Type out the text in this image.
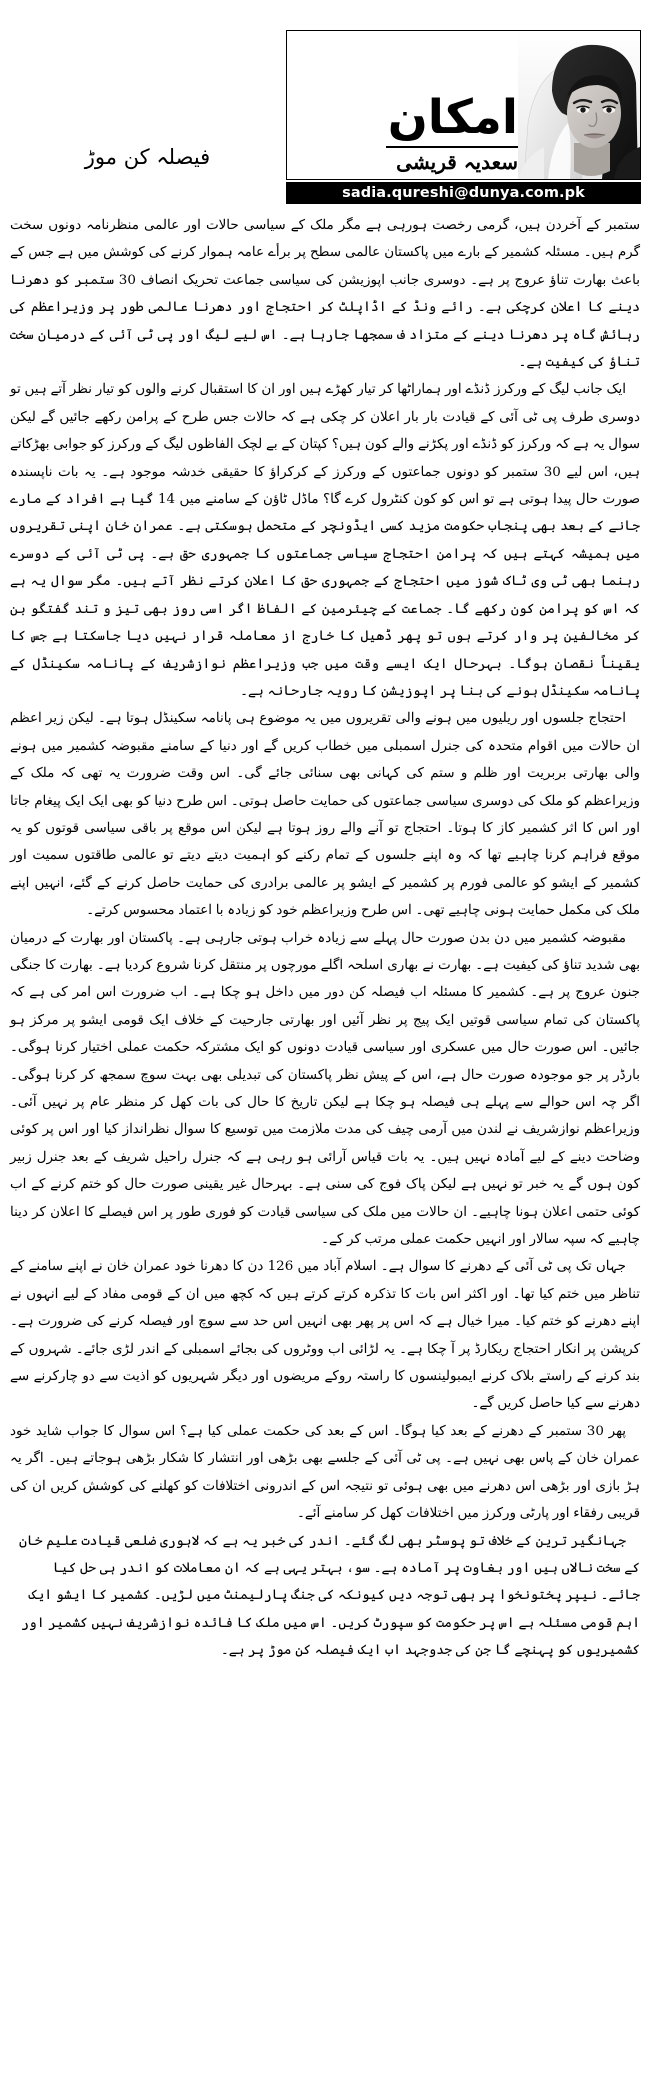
امکان
سعدیہ قریشی
sadia.qureshi@dunya.com.pk
فیصلہ کن موڑ

ستمبر کے آخردن ہیں، گرمی رخصت ہورہی ہے مگر ملک کے سیاسی حالات اور عالمی منظرنامہ دونوں سخت گرم ہیں۔ مسئلہ کشمیر کے بارے میں پاکستان عالمی سطح پر برأے عامہ ہموار کرنے کی کوشش میں ہے جس کے باعث بھارت تناؤ عروج پر ہے۔ دوسری جانب اپوزیشن کی سیاسی جماعت تحریک انصاف 30 ستمبر کو دھرنا دینے کا اعلان کرچکی ہے۔ رائے ونڈ کے اڈاپلٹ کر احتجاج اور دھرنا عالمی طور پر وزیراعظم کی رہائش گاہ پر دھرنا دینے کے متزاد ف سمجھا جارہا ہے۔ اس لیے لیگ اور پی ٹی آئی کے درمیان سخت تناؤ کی کیفیت ہے۔

ایک جانب لیگ کے ورکرز ڈنڈے اور ہماراٹھا کر تیار کھڑے ہیں اور ان کا استقبال کرنے والوں کو تیار نظر آتے ہیں تو دوسری طرف پی ٹی آئی کے قیادت بار بار اعلان کر چکی ہے کہ حالات جس طرح کے پرامن رکھے جائیں گے لیکن سوال یہ ہے کہ ورکرز کو ڈنڈے اور پکڑنے والے کون ہیں؟ کپتان کے بے لچک الفاظوں لیگ کے ورکرز کو جوابی بھڑکاتے ہیں، اس لیے 30 ستمبر کو دونوں جماعتوں کے ورکرز کے کرکراؤ کا حقیقی خدشہ موجود ہے۔ یہ بات ناپسندہ صورت حال پیدا ہوتی ہے تو اس کو کون کنٹرول کرے گا؟ ماڈل ٹاؤن کے سامنے میں 14 گیا ہے افراد کے مارے جانے کے بعد بھی پنجاب حکومت مزید کسی ایڈونچر کے متحمل ہوسکتی ہے۔ عمران خان اپنی تقریروں میں ہمیشہ کہتے ہیں کہ پرامن احتجاج سیاسی جماعتوں کا جمہوری حق ہے۔ پی ٹی آئی کے دوسرے رہنما بھی ٹی وی ٹاک شوز میں احتجاج کے جمہوری حق کا اعلان کرتے نظر آتے ہیں۔ مگر سوال یہ ہے کہ اس کو پرامن کون رکھے گا۔ جماعت کے چیئرمین کے الفاظ اگر اسی روز بھی تیز و تند گفتگو بن کر مخالفین پر وار کرتے ہوں تو پھر ڈھیل کا خارج از معاملہ قرار نہیں دیا جاسکتا ہے جس کا یقیناً نقصان ہوگا۔ بہرحال ایک ایسے وقت میں جب وزیراعظم نوازشریف کے پانامہ سکینڈل کے پانامہ سکینڈل ہونے کی بنا پر اپوزیشن کا رویہ جارحانہ ہے۔

احتجاج جلسوں اور ریلیوں میں ہونے والی تقریروں میں یہ موضوع ہی پانامہ سکینڈل ہوتا ہے۔ لیکن زیر اعظم ان حالات میں اقوام متحدہ کی جنرل اسمبلی میں خطاب کریں گے اور دنیا کے سامنے مقبوضہ کشمیر میں ہونے والی بھارتی بربریت اور ظلم و ستم کی کہانی بھی سنائی جائے گی۔ اس وقت ضرورت یہ تھی کہ ملک کے وزیراعظم کو ملک کی دوسری سیاسی جماعتوں کی حمایت حاصل ہوتی۔ اس طرح دنیا کو بھی ایک ایک پیغام جاتا اور اس کا اثر کشمیر کاز کا ہوتا۔ احتجاج تو آنے والے روز ہوتا ہے لیکن اس موقع پر باقی سیاسی قوتوں کو یہ موقع فراہم کرنا چاہیے تھا کہ وہ اپنے جلسوں کے تمام رکنے کو اہمیت دیتے دیتے تو عالمی طاقتوں سمیت اور کشمیر کے ایشو کو عالمی فورم پر کشمیر کے ایشو پر عالمی برادری کی حمایت حاصل کرنے کے گئے، انہیں اپنے ملک کی مکمل حمایت ہونی چاہیے تھی۔ اس طرح وزیراعظم خود کو زیادہ با اعتماد محسوس کرتے۔

مقبوضہ کشمیر میں دن بدن صورت حال پہلے سے زیادہ خراب ہوتی جارہی ہے۔ پاکستان اور بھارت کے درمیان بھی شدید تناؤ کی کیفیت ہے۔ بھارت نے بھاری اسلحہ اگلے مورچوں پر منتقل کرنا شروع کردیا ہے۔ بھارت کا جنگی جنون عروج پر ہے۔ کشمیر کا مسئلہ اب فیصلہ کن دور میں داخل ہو چکا ہے۔ اب ضرورت اس امر کی ہے کہ پاکستان کی تمام سیاسی قوتیں ایک پیج پر نظر آئیں اور بھارتی جارحیت کے خلاف ایک قومی ایشو پر مرکز ہو جائیں۔ اس صورت حال میں عسکری اور سیاسی قیادت دونوں کو ایک مشترکہ حکمت عملی اختیار کرنا ہوگی۔ بارڈر پر جو موجودہ صورت حال ہے، اس کے پیش نظر پاکستان کی تبدیلی بھی بہت سوچ سمجھ کر کرنا ہوگی۔ اگر چہ اس حوالے سے پہلے ہی فیصلہ ہو چکا ہے لیکن تاریخ کا حال کی بات کھل کر منظر عام پر نہیں آئی۔ وزیراعظم نوازشریف نے لندن میں آرمی چیف کی مدت ملازمت میں توسیع کا سوال نظرانداز کیا اور اس پر کوئی وضاحت دینے کے لیے آمادہ نہیں ہیں۔ یہ بات قیاس آرائی ہو رہی ہے کہ جنرل راحیل شریف کے بعد جنرل زبیر کون ہوں گے یہ خبر تو نہیں ہے لیکن پاک فوج کی سنی ہے۔ بہرحال غیر یقینی صورت حال کو ختم کرنے کے اب کوئی حتمی اعلان ہونا چاہیے۔ ان حالات میں ملک کی سیاسی قیادت کو فوری طور پر اس فیصلے کا اعلان کر دینا چاہیے کہ سپہ سالار اور انہیں حکمت عملی مرتب کر کے۔

جہاں تک پی ٹی آئی کے دھرنے کا سوال ہے۔ اسلام آباد میں 126 دن کا دھرنا خود عمران خان نے اپنے سامنے کے تناظر میں ختم کیا تھا۔ اور اکثر اس بات کا تذکرہ کرتے کرتے ہیں کہ کچھ میں ان کے قومی مفاد کے لیے انہوں نے اپنے دھرنے کو ختم کیا۔ میرا خیال ہے کہ اس پر پھر بھی انہیں اس حد سے سوچ اور فیصلہ کرنے کی ضرورت ہے۔ کرپشن پر انکار احتجاج ریکارڈ پر آ چکا ہے۔ یہ لڑائی اب ووٹروں کی بجائے اسمبلی کے اندر لڑی جائے۔ شہروں کے بند کرنے کے راستے بلاک کرنے ایمبولینسوں کا راستہ روکے مریضوں اور دیگر شہریوں کو اذیت سے دو چارکرنے سے دھرنے سے کیا حاصل کریں گے۔

پھر 30 ستمبر کے دھرنے کے بعد کیا ہوگا۔ اس کے بعد کی حکمت عملی کیا ہے؟ اس سوال کا جواب شاید خود عمران خان کے پاس بھی نہیں ہے۔ پی ٹی آئی کے جلسے بھی بڑھی اور انتشار کا شکار بڑھی ہوجاتے ہیں۔ اگر یہ ہڑ بازی اور بڑھی اس دھرنے میں بھی ہوئی تو نتیجہ اس کے اندرونی اختلافات کو کھلنے کی کوشش کریں ان کی قریبی رفقاء اور پارٹی ورکرز میں اختلافات کھل کر سامنے آئے۔

جہانگیر ترین کے خلاف تو پوسٹر بھی لگ گئے۔ اندر کی خبر یہ ہے کہ لاہوری ضلعی قیادت علیم خان کے سخت نالاں ہیں اور بغاوت پر آمادہ ہے۔ سو، بہتر یہی ہے کہ ان معاملات کو اندر ہی حل کیا جائے۔ نیپر پختونخوا پر بھی توجہ دیں کیونکہ کی جنگ پارلیمنٹ میں لڑیں۔ کشمیر کا ایشو ایک اہم قومی مسئلہ ہے اس پر حکومت کو سپورٹ کریں۔ اس میں ملک کا فائدہ نوازشریف نہیں کشمیر اور کشمیریوں کو پہنچے گا جن کی جدوجہد اب ایک فیصلہ کن موڑ پر ہے۔
